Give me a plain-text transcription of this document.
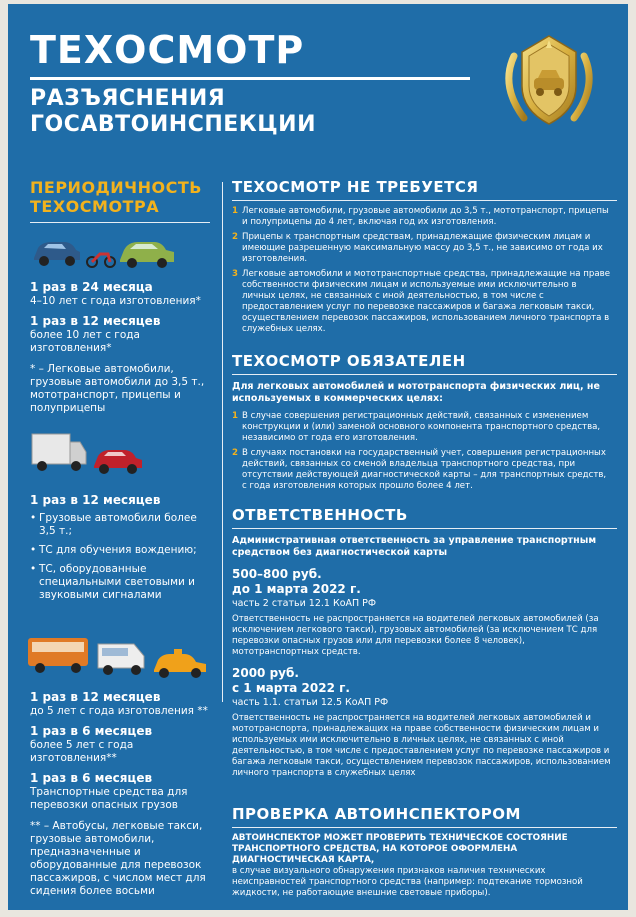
ТЕХОСМОТР
РАЗЪЯСНЕНИЯ
ГОСАВТОИНСПЕКЦИИ
ПЕРИОДИЧНОСТЬ
ТЕХОСМОТРА
1 раз в 24 месяца
4–10 лет с года изготовления*
1 раз в 12 месяцев
более 10 лет с года изготовления*
* – Легковые автомобили, грузовые автомобили до 3,5 т., мототранспорт, прицепы и полуприцепы
1 раз в 12 месяцев
• Грузовые автомобили более 3,5 т.;
• ТС для обучения вождению;
• ТС, оборудованные специальными световыми и звуковыми сигналами
1 раз в 12 месяцев
до 5 лет с года изготовления **
1 раз в 6 месяцев
более 5 лет с года изготовления**
1 раз в 6 месяцев
Транспортные средства для перевозки опасных грузов
** – Автобусы, легковые такси, грузовые автомобили, предназначенные и оборудованные для перевозок пассажиров, с числом мест для сидения более восьми
ТЕХОСМОТР НЕ ТРЕБУЕТСЯ
1 Легковые автомобили, грузовые автомобили до 3,5 т., мототранспорт, прицепы и полуприцепы до 4 лет, включая год их изготовления.
2 Прицепы к транспортным средствам, принадлежащие физическим лицам и имеющие разрешенную максимальную массу до 3,5 т., не зависимо от года их изготовления.
3 Легковые автомобили и мототранспортные средства, принадлежащие на праве собственности физическим лицам и используемые ими исключительно в личных целях, не связанных с иной деятельностью, в том числе с предоставлением услуг по перевозке пассажиров и багажа легковым такси, осуществлением перевозок пассажиров, использованием личного транспорта в служебных целях.
ТЕХОСМОТР ОБЯЗАТЕЛЕН
Для легковых автомобилей и мототранспорта физических лиц, не используемых в коммерческих целях:
1 В случае совершения регистрационных действий, связанных с изменением конструкции и (или) заменой основного компонента транспортного средства, независимо от года его изготовления.
2 В случаях постановки на государственный учет, совершения регистрационных действий, связанных со сменой владельца транспортного средства, при отсутствии действующей диагностической карты – для транспортных средств, с года изготовления которых прошло более 4 лет.
ОТВЕТСТВЕННОСТЬ
Административная ответственность за управление транспортным средством без диагностической карты
500–800 руб.
до 1 марта 2022 г.
часть 2 статьи 12.1 КоАП РФ
Ответственность не распространяется на водителей легковых автомобилей (за исключением легкового такси), грузовых автомобилей (за исключением ТС для перевозки опасных грузов или для перевозки более 8 человек), мототранспортных средств.
2000 руб.
с 1 марта 2022 г.
часть 1.1. статьи 12.5 КоАП РФ
Ответственность не распространяется на водителей легковых автомобилей и мототранспорта, принадлежащих на праве собственности физическим лицам и используемых ими исключительно в личных целях, не связанных с иной деятельностью, в том числе с предоставлением услуг по перевозке пассажиров и багажа легковым такси, осуществлением перевозок пассажиров, использованием личного транспорта в служебных целях
ПРОВЕРКА АВТОИНСПЕКТОРОМ
АВТОИНСПЕКТОР МОЖЕТ ПРОВЕРИТЬ ТЕХНИЧЕСКОЕ СОСТОЯНИЕ ТРАНСПОРТНОГО СРЕДСТВА, НА КОТОРОЕ ОФОРМЛЕНА ДИАГНОСТИЧЕСКАЯ КАРТА,
в случае визуального обнаружения признаков наличия технических неисправностей транспортного средства (например: подтекание тормозной жидкости, не работающие внешние световые приборы).
